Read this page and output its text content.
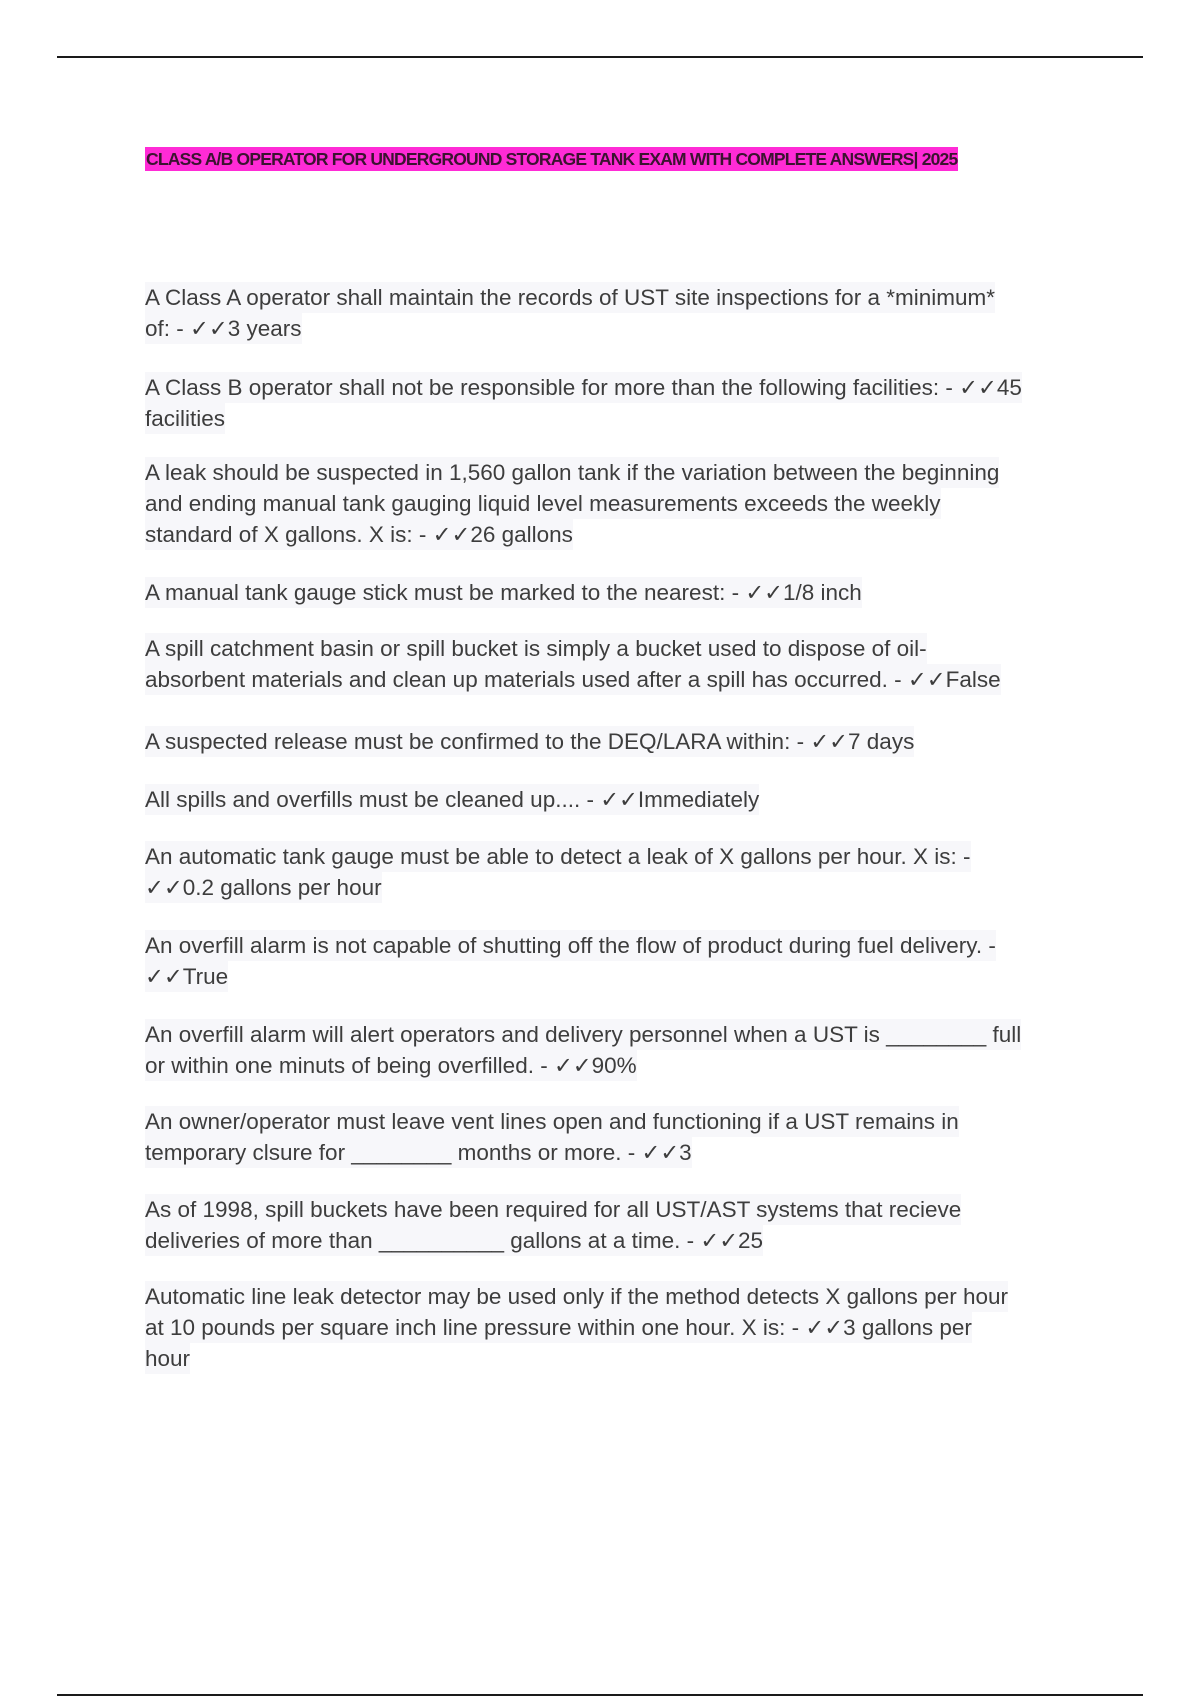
CLASS A/B OPERATOR FOR UNDERGROUND STORAGE TANK EXAM WITH COMPLETE ANSWERS| 2025
A Class A operator shall maintain the records of UST site inspections for a *minimum*
of: - ✓✓3 years
A Class B operator shall not be responsible for more than the following facilities: - ✓✓45
facilities
A leak should be suspected in 1,560 gallon tank if the variation between the beginning
and ending manual tank gauging liquid level measurements exceeds the weekly
standard of X gallons. X is: - ✓✓26 gallons
A manual tank gauge stick must be marked to the nearest: - ✓✓1/8 inch
A spill catchment basin or spill bucket is simply a bucket used to dispose of oil-
absorbent materials and clean up materials used after a spill has occurred. - ✓✓False
A suspected release must be confirmed to the DEQ/LARA within: - ✓✓7 days
All spills and overfills must be cleaned up.... - ✓✓Immediately
An automatic tank gauge must be able to detect a leak of X gallons per hour. X is: -
✓✓0.2 gallons per hour
An overfill alarm is not capable of shutting off the flow of product during fuel delivery. -
✓✓True
An overfill alarm will alert operators and delivery personnel when a UST is ________ full
or within one minuts of being overfilled. - ✓✓90%
An owner/operator must leave vent lines open and functioning if a UST remains in
temporary clsure for ________ months or more. - ✓✓3
As of 1998, spill buckets have been required for all UST/AST systems that recieve
deliveries of more than __________ gallons at a time. - ✓✓25
Automatic line leak detector may be used only if the method detects X gallons per hour
at 10 pounds per square inch line pressure within one hour. X is: - ✓✓3 gallons per
hour
